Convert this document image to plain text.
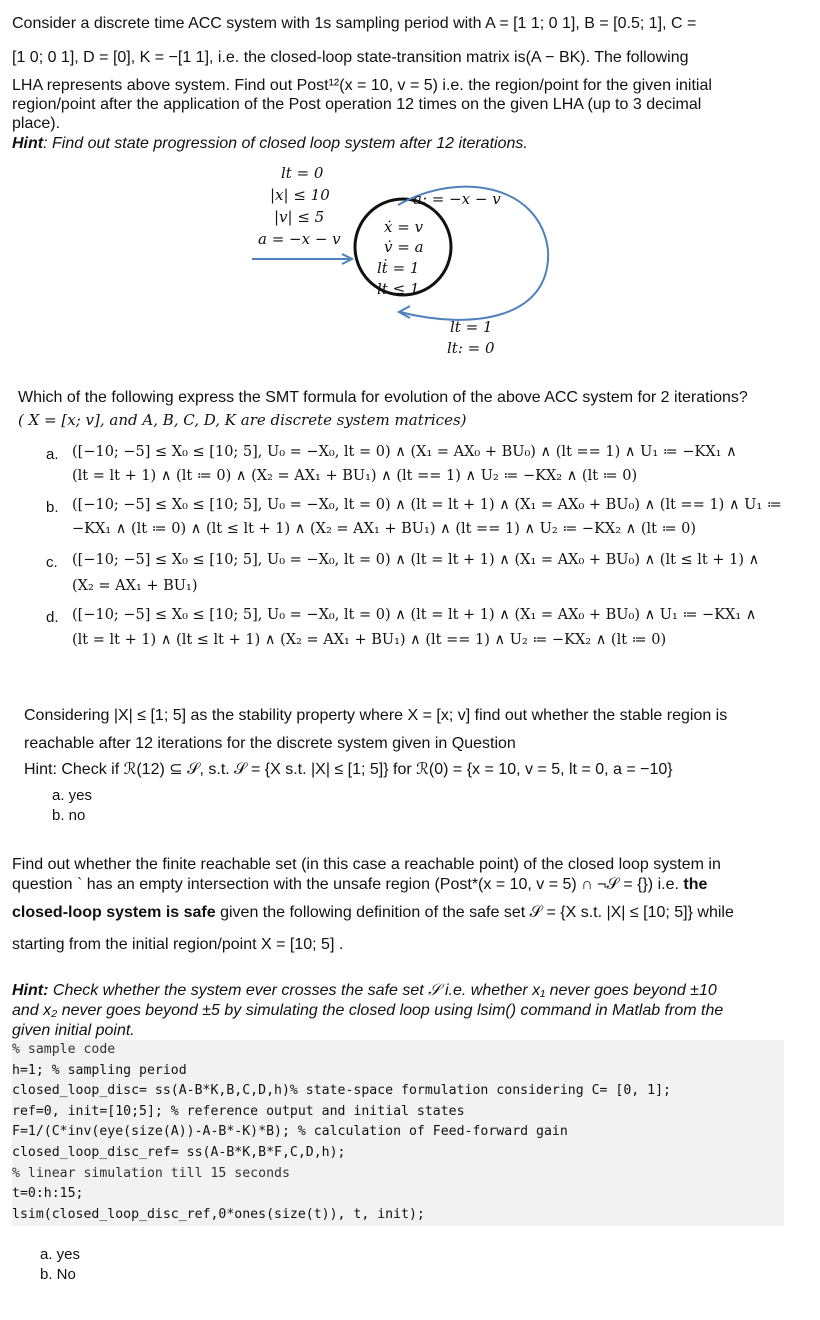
Consider a discrete time ACC system with 1s sampling period with A = [1 1; 0 1], B = [0.5; 1], C =
[1 0; 0 1], D = [0], K = −[1 1], i.e. the closed-loop state-transition matrix is(A − BK). The following
LHA represents above system. Find out Post¹²(x = 10, v = 5) i.e. the region/point for the given initial
region/point after the application of the Post operation 12 times on the given LHA (up to 3 decimal
place).
Hint: Find out state progression of closed loop system after 12 iterations.
lt = 0
|x| ≤ 10
|v| ≤ 5
a = −x − v
a: = −x − v
ẋ = v
v̇ = a
lṫ = 1
lt ≤ 1
lt = 1
lt: = 0
Which of the following express the SMT formula for evolution of the above ACC system for 2 iterations?
( X = [x; v], and A, B, C, D, K are discrete system matrices)
a. ([−10; −5] ≤ X₀ ≤ [10; 5], U₀ = −X₀, lt = 0) ∧ (X₁ = AX₀ + BU₀) ∧ (lt == 1) ∧ U₁ ≔ −KX₁ ∧
(lt = lt + 1) ∧ (lt ≔ 0) ∧ (X₂ = AX₁ + BU₁) ∧ (lt == 1) ∧ U₂ ≔ −KX₂ ∧ (lt ≔ 0)
b. ([−10; −5] ≤ X₀ ≤ [10; 5], U₀ = −X₀, lt = 0) ∧ (lt = lt + 1) ∧ (X₁ = AX₀ + BU₀) ∧ (lt == 1) ∧ U₁ ≔
−KX₁ ∧ (lt ≔ 0) ∧ (lt ≤ lt + 1) ∧ (X₂ = AX₁ + BU₁) ∧ (lt == 1) ∧ U₂ ≔ −KX₂ ∧ (lt ≔ 0)
c. ([−10; −5] ≤ X₀ ≤ [10; 5], U₀ = −X₀, lt = 0) ∧ (lt = lt + 1) ∧ (X₁ = AX₀ + BU₀) ∧ (lt ≤ lt + 1) ∧
(X₂ = AX₁ + BU₁)
d. ([−10; −5] ≤ X₀ ≤ [10; 5], U₀ = −X₀, lt = 0) ∧ (lt = lt + 1) ∧ (X₁ = AX₀ + BU₀) ∧ U₁ ≔ −KX₁ ∧
(lt = lt + 1) ∧ (lt ≤ lt + 1) ∧ (X₂ = AX₁ + BU₁) ∧ (lt == 1) ∧ U₂ ≔ −KX₂ ∧ (lt ≔ 0)
Considering |X| ≤ [1; 5] as the stability property where X = [x; v] find out whether the stable region is
reachable after 12 iterations for the discrete system given in Question
Hint: Check if ℛ(12) ⊆ 𝒮, s.t. 𝒮 = {X s.t. |X| ≤ [1; 5]} for ℛ(0) = {x = 10, v = 5, lt = 0, a = −10}
a. yes
b. no
Find out whether the finite reachable set (in this case a reachable point) of the closed loop system in
question ` has an empty intersection with the unsafe region (Post*(x = 10, v = 5) ∩ ¬𝒮 = {}) i.e. the
closed-loop system is safe given the following definition of the safe set 𝒮 = {X s.t. |X| ≤ [10; 5]} while
starting from the initial region/point X = [10; 5] .
Hint: Check whether the system ever crosses the safe set 𝒮 i.e. whether x₁ never goes beyond ±10
and x₂ never goes beyond ±5 by simulating the closed loop using lsim() command in Matlab from the
given initial point.
% sample code
h=1; % sampling period
closed_loop_disc= ss(A-B*K,B,C,D,h)% state-space formulation considering C= [0, 1];
ref=0, init=[10;5]; % reference output and initial states
F=1/(C*inv(eye(size(A))-A-B*-K)*B); % calculation of Feed-forward gain
closed_loop_disc_ref= ss(A-B*K,B*F,C,D,h);
% linear simulation till 15 seconds
t=0:h:15;
lsim(closed_loop_disc_ref,0*ones(size(t)), t, init);
a. yes
b. No
